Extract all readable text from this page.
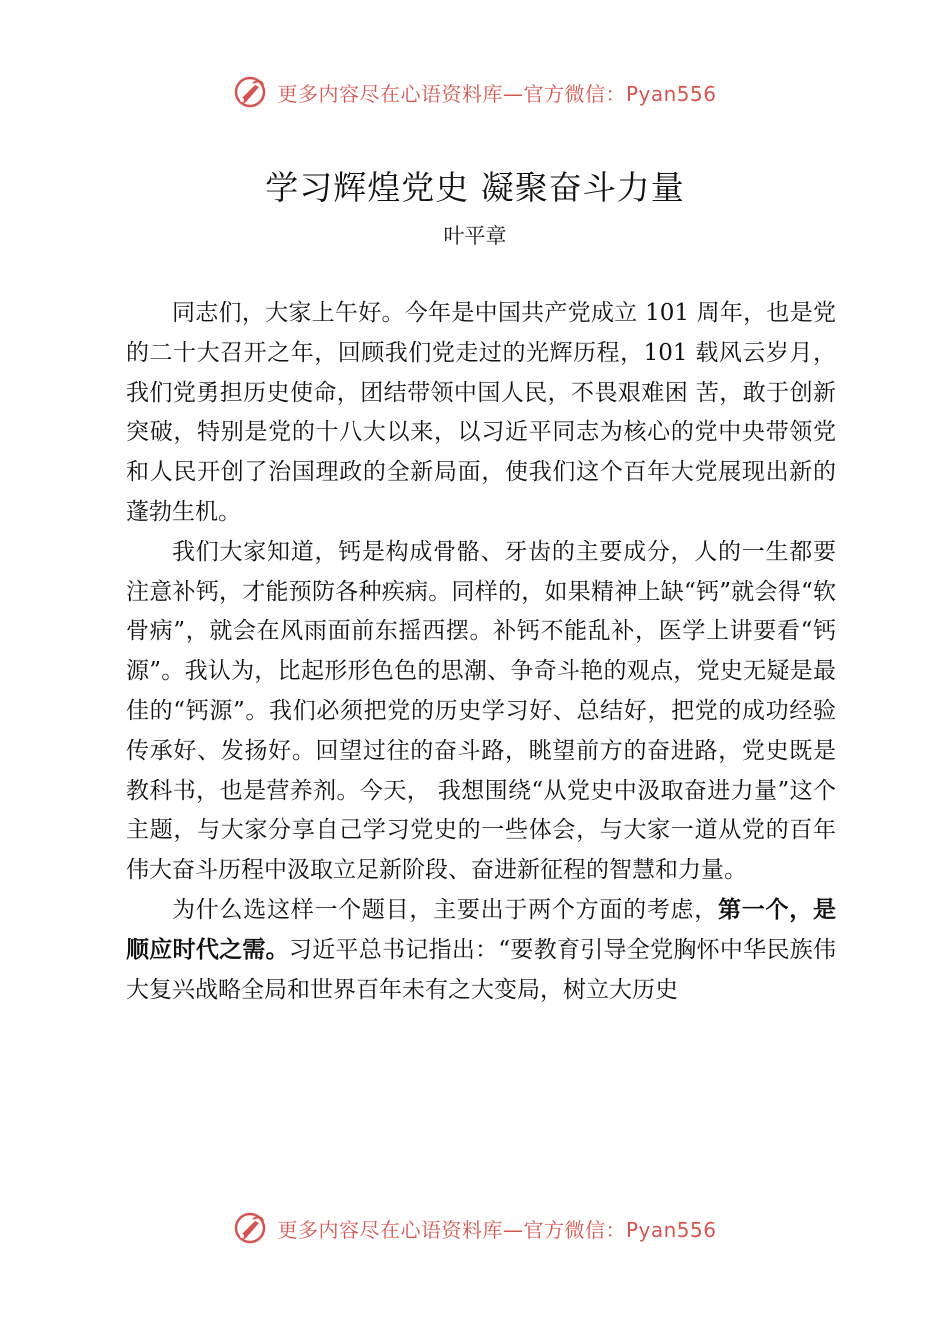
更多内容尽在心语资料库—官方微信：Pyan556
学习辉煌党史 凝聚奋斗力量
叶平章

同志们，大家上午好。今年是中国共产党成立 101 周年，也是党的二十大召开之年，回顾我们党走过的光辉历程，101 载风云岁月，我们党勇担历史使命，团结带领中国人民，不畏艰难困 苦，敢于创新突破，特别是党的十八大以来，以习近平同志为核心的党中央带领党和人民开创了治国理政的全新局面，使我们这个百年大党展现出新的蓬勃生机。

我们大家知道，钙是构成骨骼、牙齿的主要成分，人的一生都要注意补钙，才能预防各种疾病。同样的，如果精神上缺“钙”就会得“软骨病”，就会在风雨面前东摇西摆。补钙不能乱补，医学上讲要看“钙源”。我认为，比起形形色色的思潮、争奇斗艳的观点，党史无疑是最佳的“钙源”。我们必须把党的历史学习好、总结好，把党的成功经验传承好、发扬好。回望过往的奋斗路，眺望前方的奋进路，党史既是教科书，也是营养剂。今天， 我想围绕“从党史中汲取奋进力量”这个主题，与大家分享自己学习党史的一些体会，与大家一道从党的百年伟大奋斗历程中汲取立足新阶段、奋进新征程的智慧和力量。

为什么选这样一个题目，主要出于两个方面的考虑，第一个，是顺应时代之需。习近平总书记指出：“要教育引导全党胸怀中华民族伟大复兴战略全局和世界百年未有之大变局，树立大历史

更多内容尽在心语资料库—官方微信：Pyan556
